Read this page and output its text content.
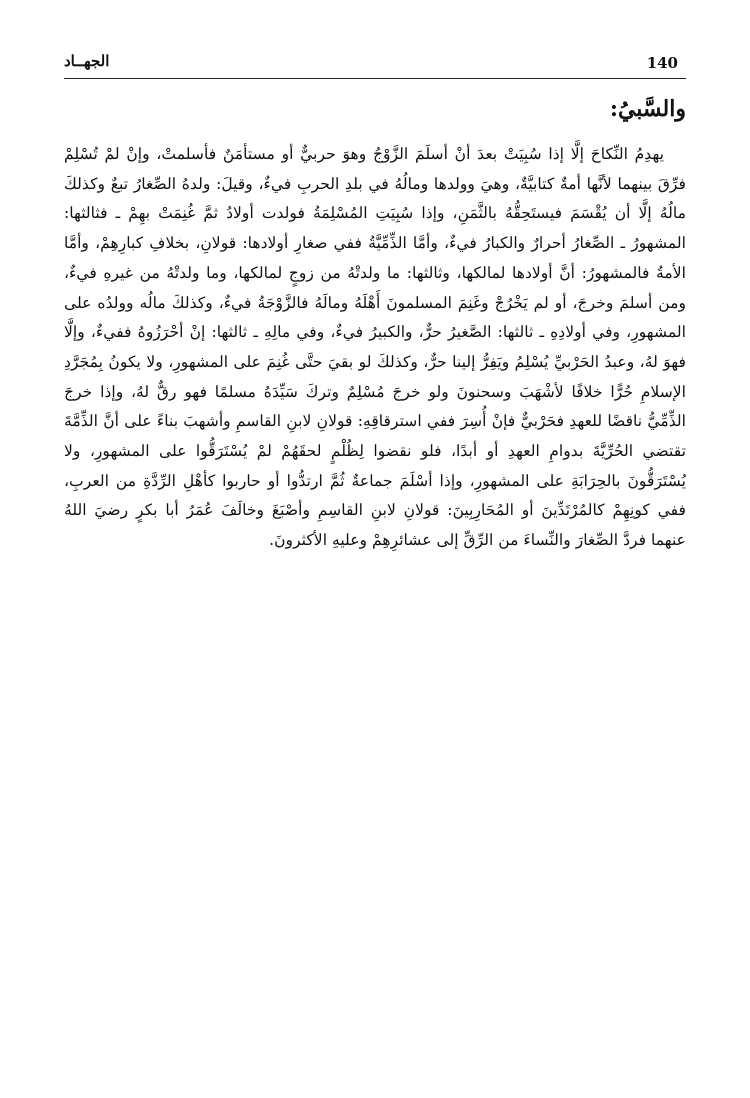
140
الجهــاد
والسَّبيُ:

يهدِمُ النِّكاحَ إلَّا إذا سُبِيَتْ بعدَ أنْ أسلَمَ الزَّوْجُ وهوَ حربيٌّ أو مستأمَنٌ فأسلمتْ، وإنْ لمْ تُسْلِمْ فرِّقَ بينهما لأنَّها أمةٌ كتابيَّةٌ، وهيَ وولدها ومالُهُ في بلدِ الحربِ فيءٌ، وقيلَ: ولدهُ الصِّغارُ تبعٌ وكذلكَ مالُهُ إلَّا أن يُقْسَمَ فيستَحِقُّهُ بالثَّمَنِ، وإذا سُبِيَتِ المُسْلِمَةُ فولدت أولادُ ثمَّ غُنِمَتْ بهِمْ ـ فثالثها: المشهورُ ـ الصِّغارُ أحرارٌ والكبارُ فيءٌ، وأمَّا الذِّمِّيَّةُ ففي صغارِ أولادها: قولانِ، بخلافِ كبارِهِمْ، وأمَّا الأمةُ فالمشهورُ: أنَّ أولادها لمالكها، وثالثها: ما ولدتْهُ من زوجٍ لمالكها، وما ولدتْهُ من غيرهِ فيءٌ، ومن أسلمَ وخرجَ، أو لم يَخْرُجْ وغَنِمَ المسلمونَ أَهْلَهُ ومالَهُ فالزَّوْجَةُ فيءٌ، وكذلكَ مالُه وولدُه على المشهورِ، وفي أولادِهِ ـ ثالثها: الصَّغيرُ حرٌّ، والكبيرُ فيءٌ، وفي مالِهِ ـ ثالثها: إنْ أحْرَزُوهُ ففيءٌ، وإلَّا فهوَ لهُ، وعبدُ الحَرْبيِّ يُسْلِمُ ويَفِرُّ إلينا حرٌّ، وكذلكَ لو بقيَ حتَّى غُنِمَ على المشهورِ، ولا يكونُ بِمُجَرَّدِ الإسلامِ حُرًّا خلافًا لأشْهَبَ وسحنونَ ولو خرجَ مُسْلِمٌ وتركَ سَيِّدَهُ مسلمًا فهو رقٌّ لهُ، وإذا خرجَ الذِّمِّيُّ ناقضًا للعهدِ فحَرْبيٌّ فإنْ أُسِرَ ففي استرقاقِهِ: قولانِ لابنِ القاسمِ وأشهبَ بناءً على أنَّ الذِّمَّةَ تقتضي الحُرِّيَّةَ بدوامِ العهدِ أو أبدًا، فلو نقضوا لِظُلْمٍ لحقَهُمْ لمْ يُسْتَرَقُّوا على المشهورِ، ولا يُسْتَرَقُّونَ بالحِرَابَةِ على المشهورِ، وإذا أسْلَمَ جماعةٌ ثُمَّ ارتدُّوا أو حاربوا كأهْلِ الرِّدَّةِ من العربِ، ففي كونِهِمْ كالمُرْتَدِّينَ أو المُحَارِبِينَ: قولانِ لابنِ القاسِمِ وأصْبَغَ وخالَفَ عُمَرُ أبا بكرٍ رضيَ اللهُ عنهما فردَّ الصِّغارَ والنِّساءَ من الرِّقِّ إلى عشائرِهِمْ وعليهِ الأكثرونَ.
